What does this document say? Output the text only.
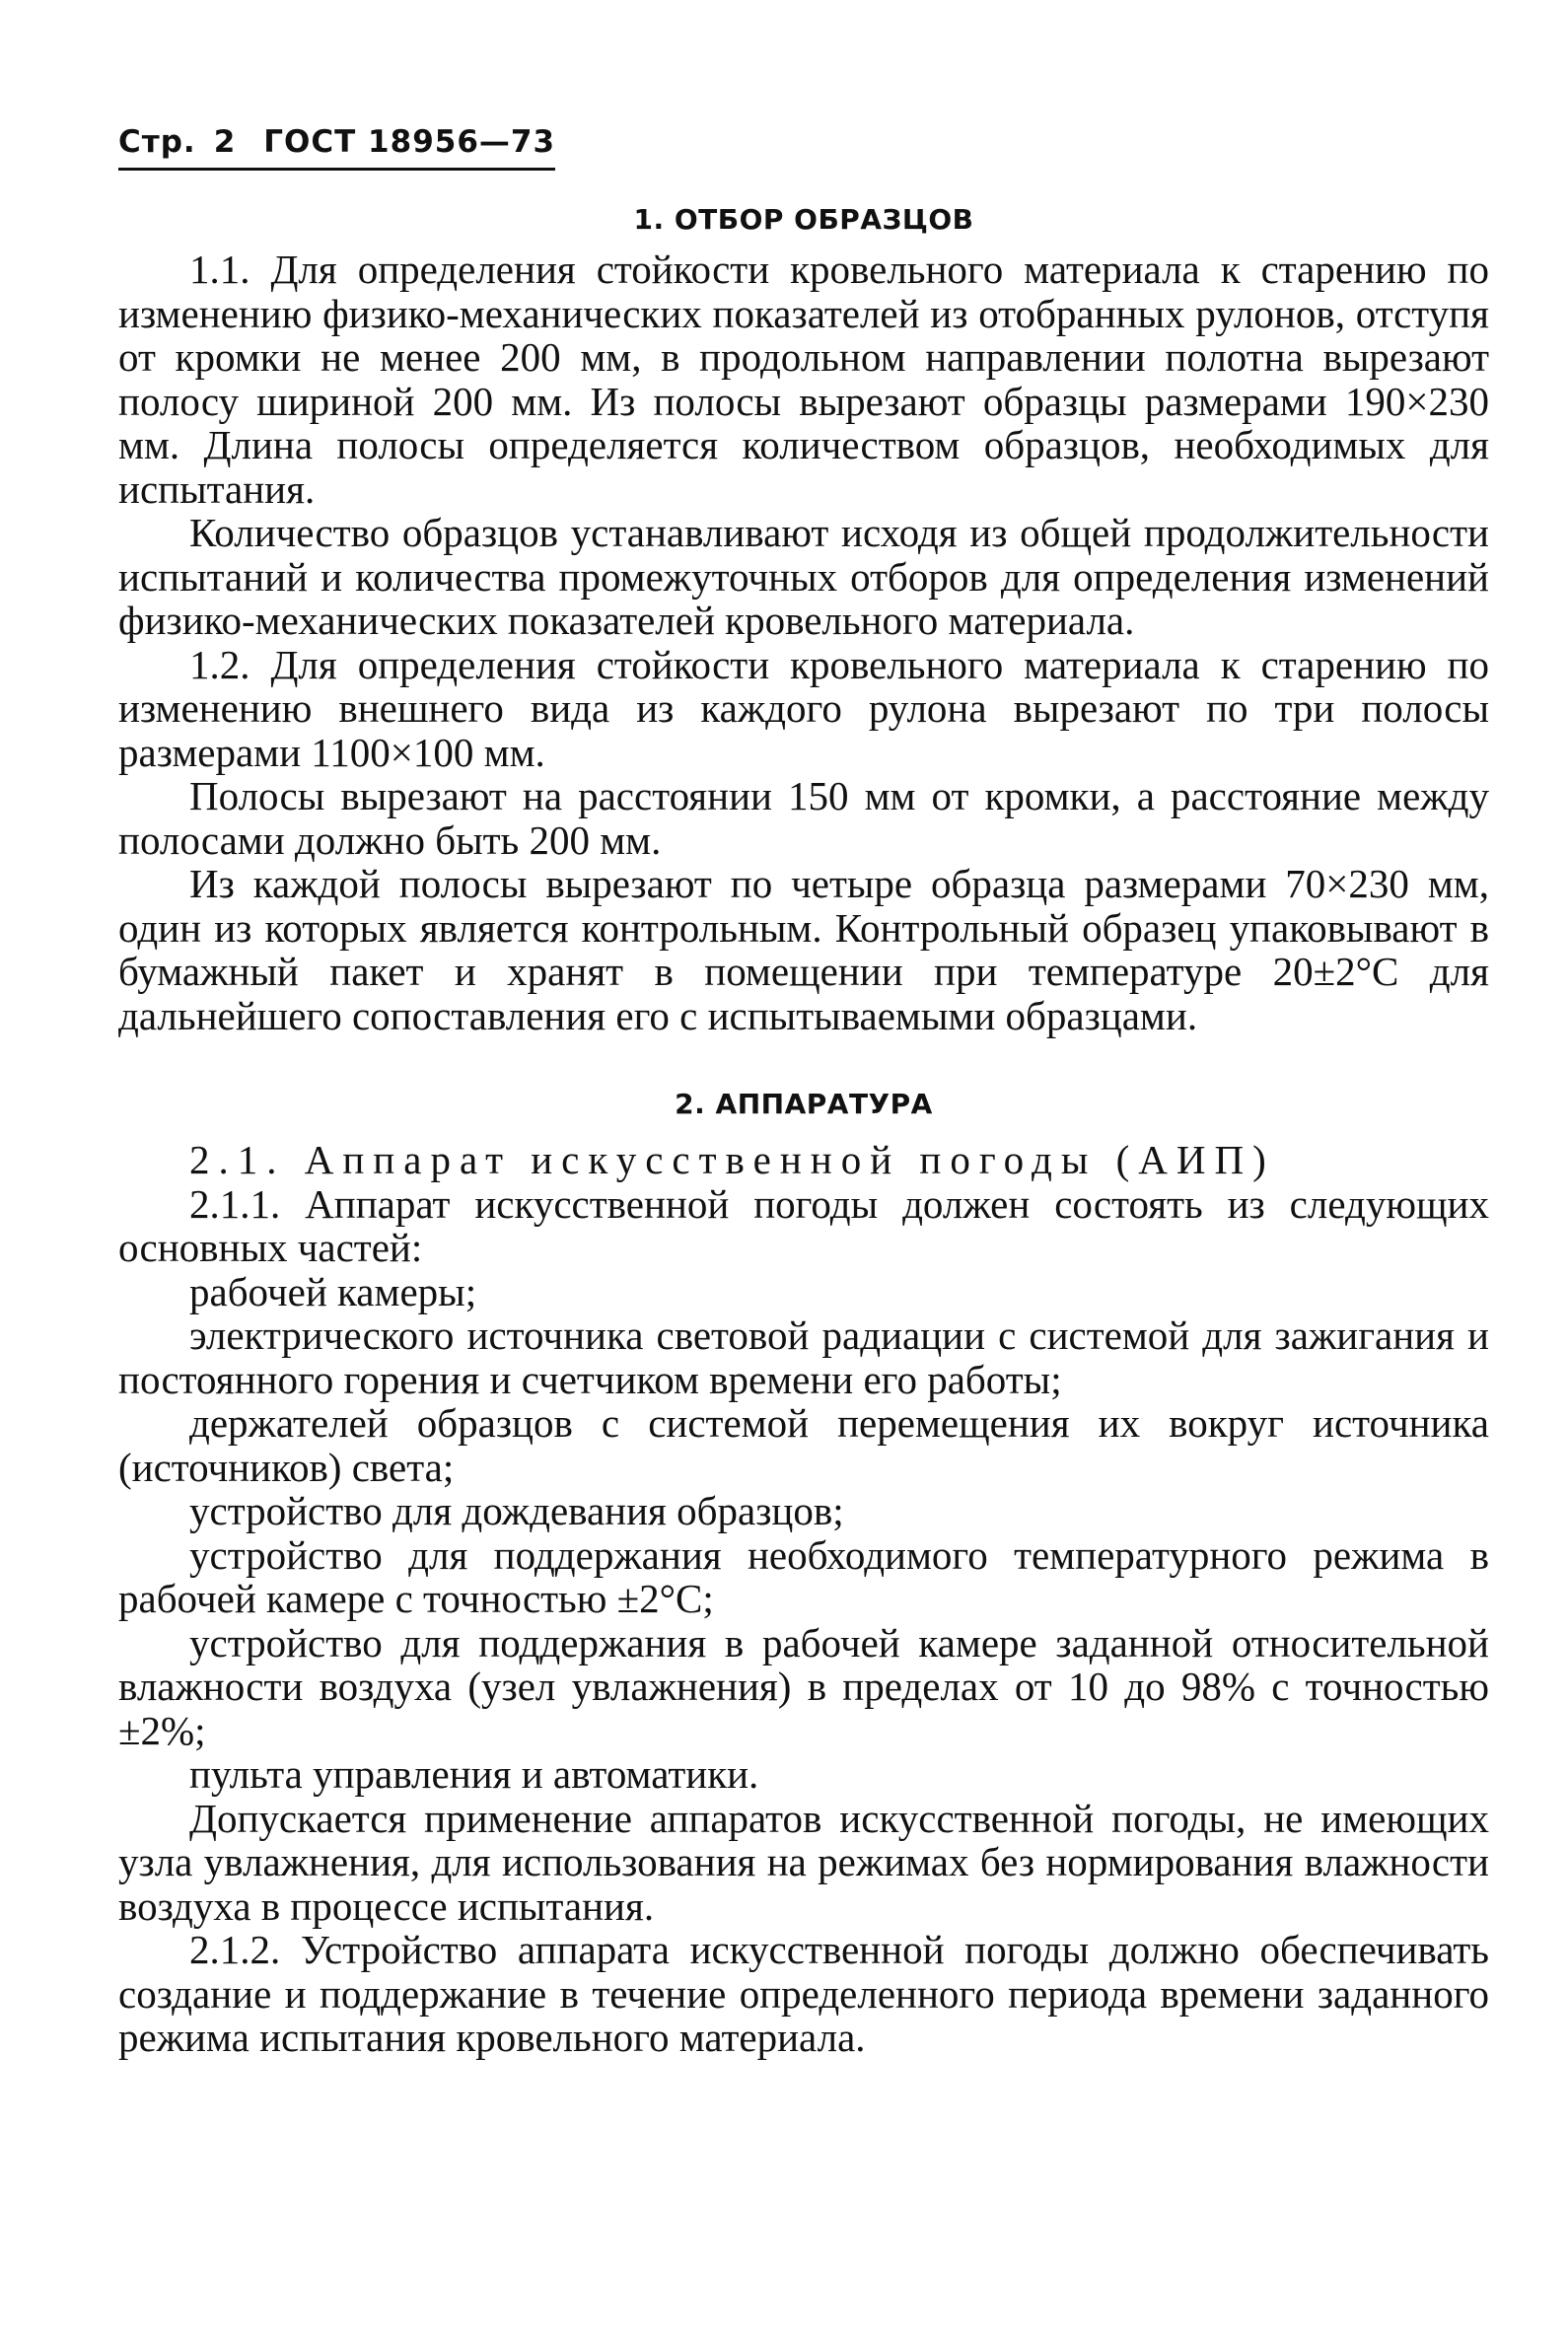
Стр. 2 ГОСТ 18956—73
1. ОТБОР ОБРАЗЦОВ

1.1. Для определения стойкости кровельного материала к старению по изменению физико-механических показателей из отобранных рулонов, отступя от кромки не менее 200 мм, в продольном направлении полотна вырезают полосу шириной 200 мм. Из полосы вырезают образцы размерами 190×230 мм. Длина полосы определяется количеством образцов, необходимых для испытания.

Количество образцов устанавливают исходя из общей продолжительности испытаний и количества промежуточных отборов для определения изменений физико-механических показателей кровельного материала.

1.2. Для определения стойкости кровельного материала к старению по изменению внешнего вида из каждого рулона вырезают по три полосы размерами 1100×100 мм.

Полосы вырезают на расстоянии 150 мм от кромки, а расстояние между полосами должно быть 200 мм.

Из каждой полосы вырезают по четыре образца размерами 70×230 мм, один из которых является контрольным. Контрольный образец упаковывают в бумажный пакет и хранят в помещении при температуре 20±2°С для дальнейшего сопоставления его с испытываемыми образцами.

2. АППАРАТУРА

2.1. Аппарат искусственной погоды (АИП)

2.1.1. Аппарат искусственной погоды должен состоять из следующих основных частей:

рабочей камеры;

электрического источника световой радиации с системой для зажигания и постоянного горения и счетчиком времени его работы;

держателей образцов с системой перемещения их вокруг источника (источников) света;

устройство для дождевания образцов;

устройство для поддержания необходимого температурного режима в рабочей камере с точностью ±2°С;

устройство для поддержания в рабочей камере заданной относительной влажности воздуха (узел увлажнения) в пределах от 10 до 98% с точностью ±2%;

пульта управления и автоматики.

Допускается применение аппаратов искусственной погоды, не имеющих узла увлажнения, для использования на режимах без нормирования влажности воздуха в процессе испытания.

2.1.2. Устройство аппарата искусственной погоды должно обеспечивать создание и поддержание в течение определенного периода времени заданного режима испытания кровельного материала.
